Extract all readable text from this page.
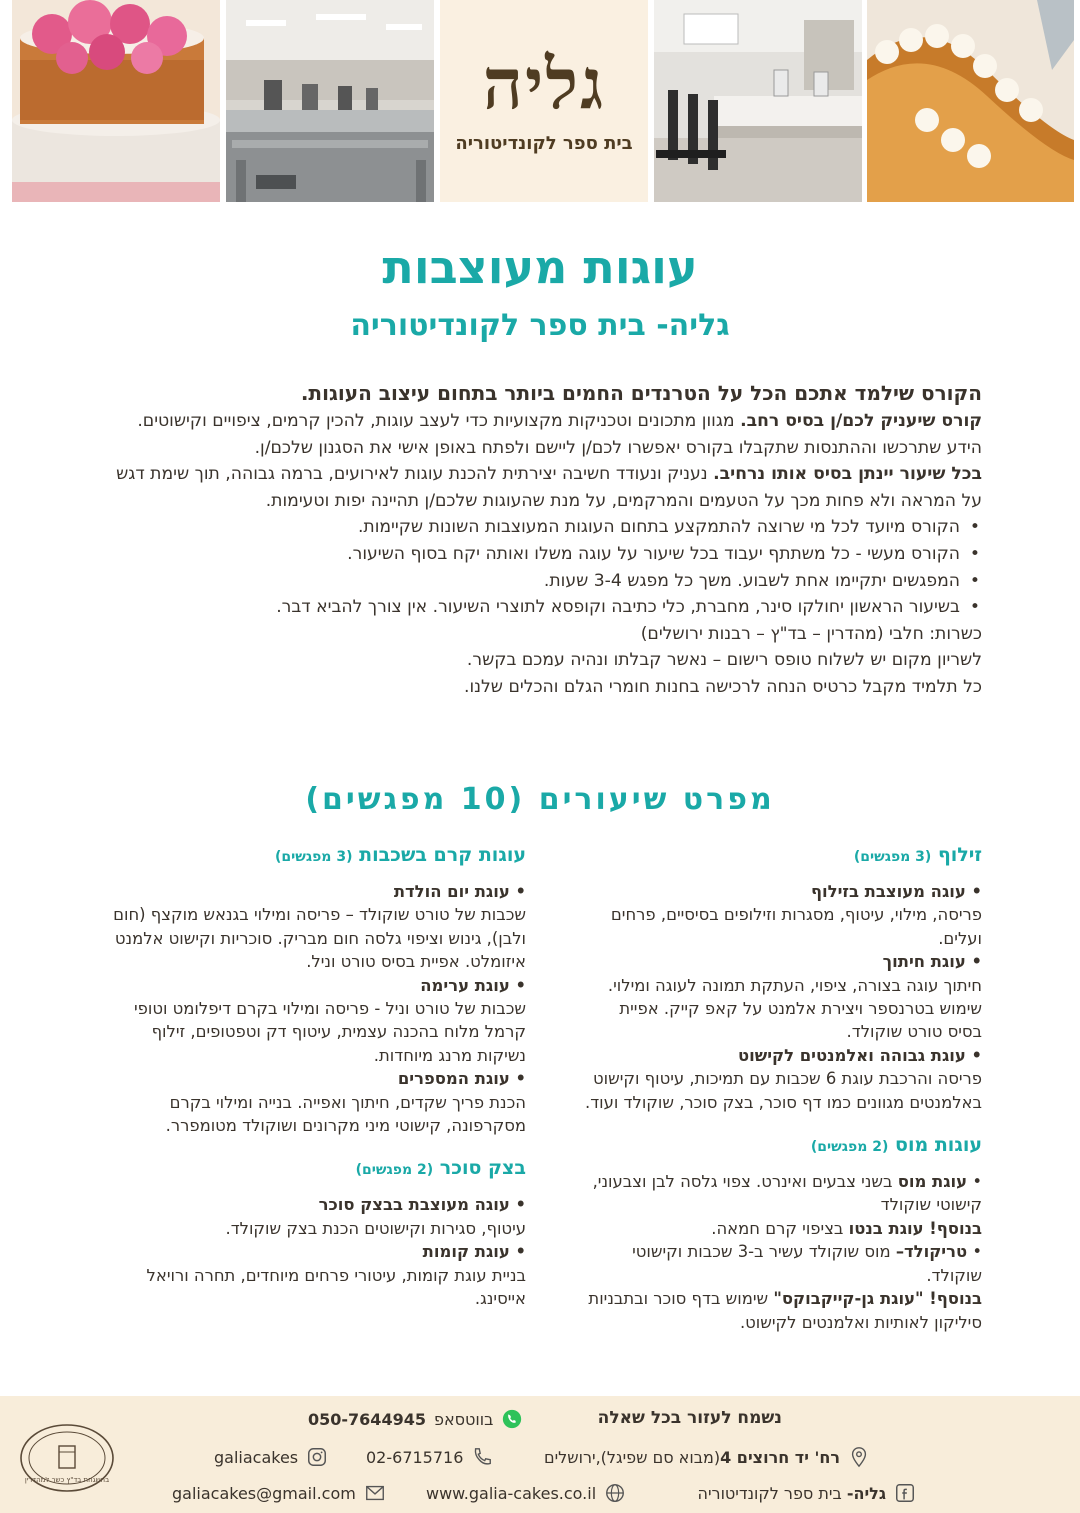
גליה
בית ספר לקונדיטוריה
עוגות מעוצבות
גליה- בית ספר לקונדיטוריה

הקורס שילמד אתכם הכל על הטרנדים החמים ביותר בתחום עיצוב העוגות.

קורס שיעניק לכם/ן בסיס רחב. מגוון מתכונים וטכניקות מקצועיות כדי לעצב עוגות, להכין קרמים, ציפויים וקישוטים. הידע שתרכשו וההתנסות שתקבלו בקורס יאפשרו לכם/ן ליישם ולפתח באופן אישי את הסגנון שלכם/ן.

בכל שיעור יינתן בסיס אותו נרחיב. נעניק ונעודד חשיבה יצירתית להכנת עוגות לאירועים, ברמה גבוהה, תוך שימת דגש על המראה ולא פחות מכך על הטעמים והמרקמים, על מנת שהעוגות שלכם/ן תהיינה יפות וטעימות.

• הקורס מיועד לכל מי שרוצה להתמקצע בתחום העוגות המעוצבות השונות שקיימות.
• הקורס מעשי - כל משתתף יעבוד בכל שיעור על עוגה משלו ואותה יקח בסוף השיעור.
• המפגשים יתקיימו אחת לשבוע. משך כל מפגש 3-4 שעות.
• בשיעור הראשון יחולקו סינר, מחברת, כלי כתיבה וקופסא לתוצרי השיעור. אין צורך להביא דבר.

כשרות: חלבי (מהדרין – בד"ץ – רבנות ירושלים)

לשריון מקום יש לשלוח טופס רישום – נאשר קבלתו ונהיה עמכם בקשר.

כל תלמיד מקבל כרטיס הנחה לרכישה בחנות חומרי הגלם והכלים שלנו.

מפרט שיעורים (10 מפגשים)
זילוף (3 מפגשים)
• עוגה מעוצבת בזילוף
פריסה, מילוי, עיטוף, מסגרות וזילופים בסיסיים, פרחים ועלים.
• עוגת חיתוך
חיתוך עוגה בצורה, ציפוי, העתקת תמונה לעוגה ומילוי. שימוש בטרנספר ויצירת אלמנט על קאפ קייק. אפיית בסיס טורט שוקולד.
• עוגת גבוהה ואלמנטים לקישוט
פריסה והרכבת עוגת 6 שכבות עם תמיכות, עיטוף וקישוט באלמנטים מגוונים כמו דף סוכר, בצק סוכר, שוקולד ועוד.
עוגות מוס (2 מפגשים)
• עוגת מוס בשני צבעים ואינרט. צפוי גלסה לבן וצבעוני, קישוטי שוקולד
בנוסף! עוגת בנטו בציפוי קרם חמאה.
• טריקולד– מוס שוקולד עשיר ב-3 שכבות וקישוטי שוקולד.
בנוסף! "עוגת גן-קייקבוקס" שימוש בדף סוכר ובתבניות סיליקון לאותיות ואלמנטים לקישוט.
עוגות קרם בשכבות (3 מפגשים)
• עוגת יום הולדת
שכבות של טורט שוקולד – פריסה ומילוי בגנאש מוקצף (חום ולבן), גינוש וציפוי גלסה חום מבריק. סוכריות וקישוט אלמנט איזומלט. אפיית בסיס טורט וניל.
• עוגת ערימה
שכבות של טורט וניל - פריסה ומילוי בקרם דיפלומט וטופי קרמל מלוח בהכנה עצמית, עיטוף דק וטפטופים, זילוף נשיקות מרנג מיוחדות.
• עוגת המספרים
הכנת פריך שקדים, חיתוך ואפייה. בנייה ומילוי בקרם מסקרפונה, קישוטי מיני מקרונים ושוקולד מטומפרר.
בצק סוכר (2 מפגשים)
• עוגה מעוצבת בבצק סוכר
עיטוף, סגירות וקישוטים הכנת בצק שוקולד.
• עוגת קומות
בניית עוגת קומות, עיטורי פרחים מיוחדים, תחרה ורויאל אייסינג.
בהשגחת בד"ץ כשר למהדרין
נשמח לעזור בכל שאלה
בווטסאפ
050-7644945
רח' יד חרוצים 4(מבוא סם שפיגל),ירושלים
02-6715716
galiacakes
גליה- בית ספר לקונדיטוריה
www.galia-cakes.co.il
galiacakes@gmail.com
